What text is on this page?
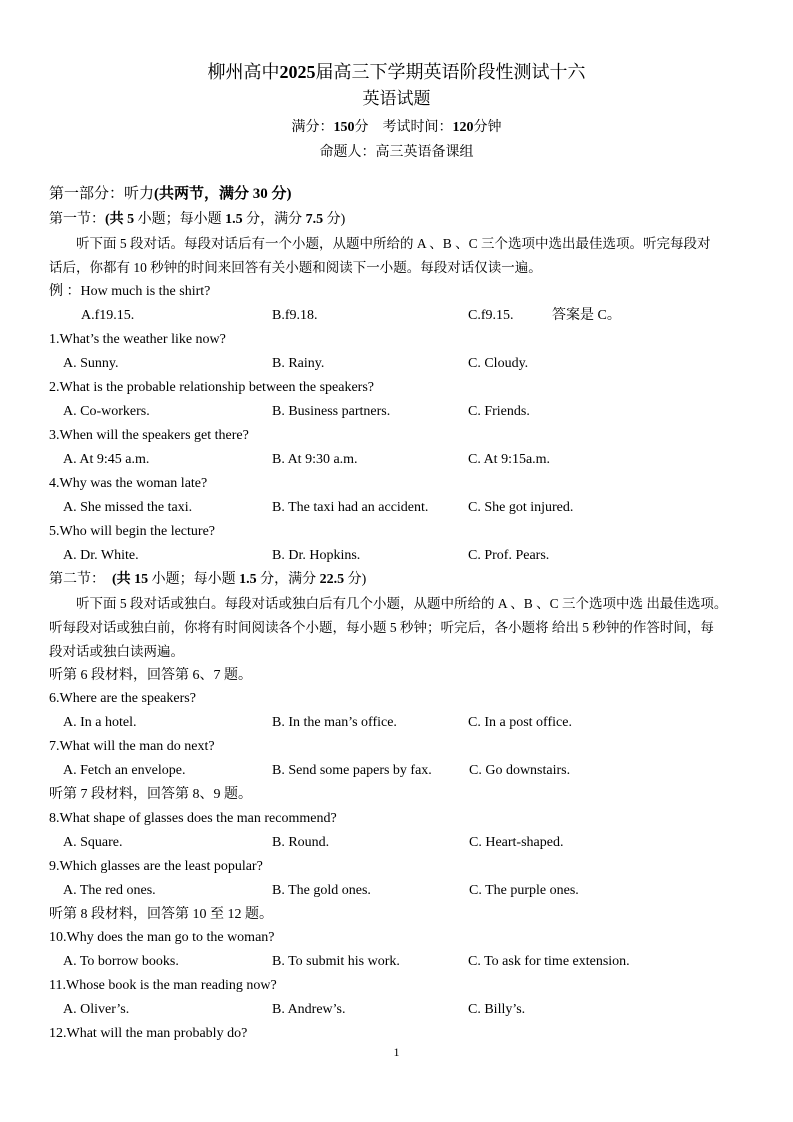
柳州高中2025届高三下学期英语阶段性测试十六
英语试题
满分：150分 考试时间：120分钟
命题人：高三英语备课组
第一部分：听力(共两节，满分 30 分)
第一节：(共 5 小题；每小题 1.5 分，满分 7.5 分)
听下面 5 段对话。每段对话后有一个小题，从题中所给的 A 、B 、C 三个选项中选出最佳选项。听完每段对
话后，你都有 10 秒钟的时间来回答有关小题和阅读下一小题。每段对话仅读一遍。
例 ：How much is the shirt?
A.f19.15.	B.f9.18.	C.f9.15.	答案是 C。
1.What’s the weather like now?
A. Sunny.	B. Rainy.	C. Cloudy.
2.What is the probable relationship between the speakers?
A. Co-workers.	B. Business partners.	C. Friends.
3.When will the speakers get there?
A. At 9:45 a.m.	B. At 9:30 a.m.	C. At 9:15a.m.
4.Why was the woman late?
A. She missed the taxi.	B. The taxi had an accident.	C. She got injured.
5.Who will begin the lecture?
A. Dr. White.	B. Dr. Hopkins.	C. Prof. Pears.
第二节： (共 15 小题；每小题 1.5 分，满分 22.5 分)
听下面 5 段对话或独白。每段对话或独白后有几个小题，从题中所给的 A 、B 、C 三个选项中选 出最佳选项。
听每段对话或独白前，你将有时间阅读各个小题，每小题 5 秒钟；听完后，各小题将 给出 5 秒钟的作答时间，每
段对话或独白读两遍。
听第 6 段材料，回答第 6、7 题。
6.Where are the speakers?
A. In a hotel.	B. In the man’s office.	C. In a post office.
7.What will the man do next?
A. Fetch an envelope.	B. Send some papers by fax.	C. Go downstairs.
听第 7 段材料，回答第 8、9 题。
8.What shape of glasses does the man recommend?
A. Square.	B. Round.	C. Heart-shaped.
9.Which glasses are the least popular?
A. The red ones.	B. The gold ones.	C. The purple ones.
听第 8 段材料，回答第 10 至 12 题。
10.Why does the man go to the woman?
A. To borrow books.	B. To submit his work.	C. To ask for time extension.
11.Whose book is the man reading now?
A. Oliver’s.	B. Andrew’s.	C. Billy’s.
12.What will the man probably do?
1
